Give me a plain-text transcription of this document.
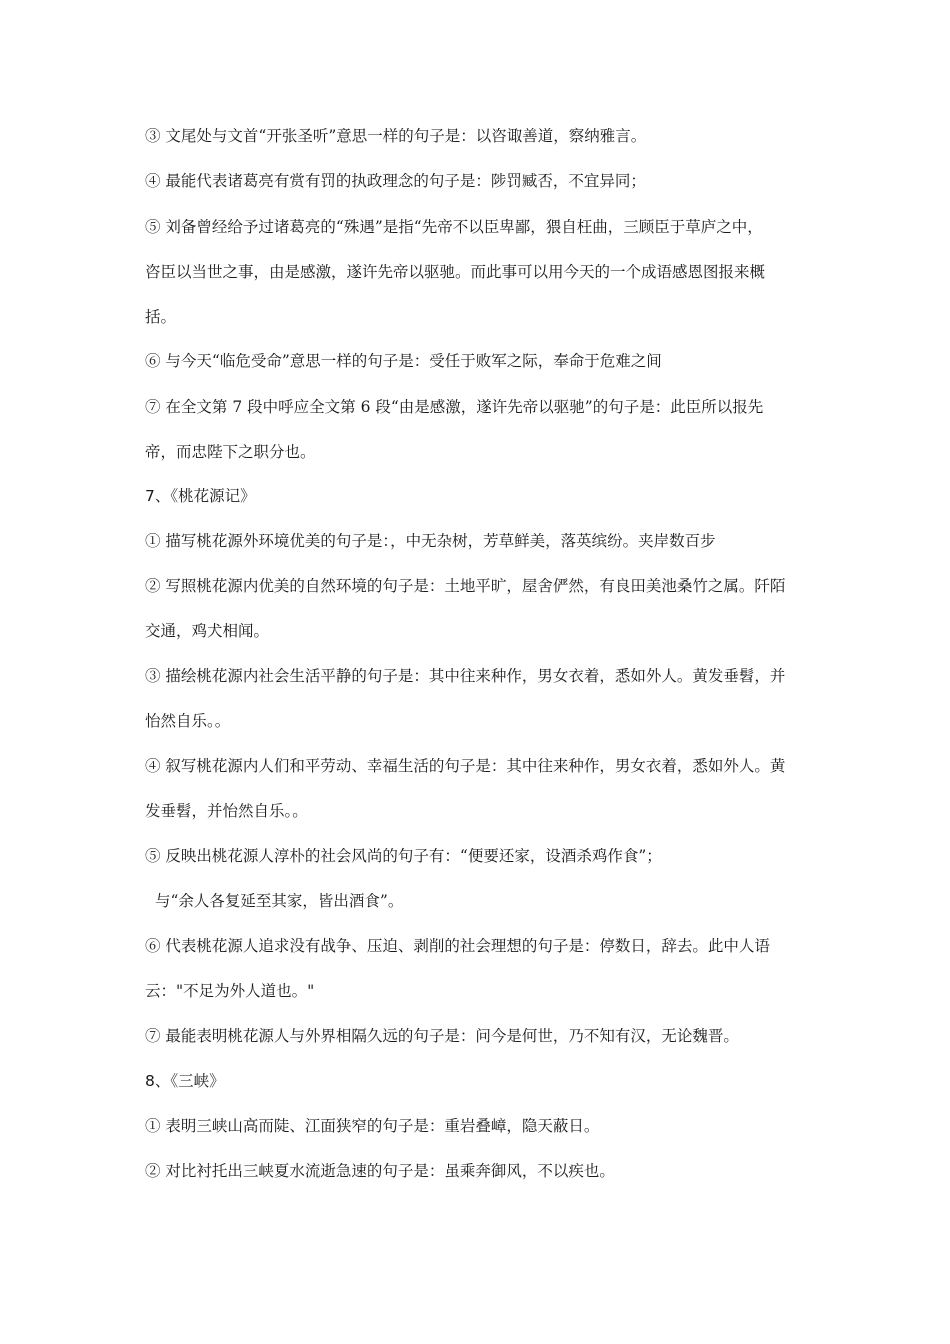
③ 文尾处与文首“开张圣听”意思一样的句子是：以咨诹善道，察纳雅言。
④ 最能代表诸葛亮有赏有罚的执政理念的句子是：陟罚臧否，不宜异同；
⑤ 刘备曾经给予过诸葛亮的“殊遇”是指“先帝不以臣卑鄙，猥自枉曲，三顾臣于草庐之中，
咨臣以当世之事，由是感激，遂许先帝以驱驰。而此事可以用今天的一个成语感恩图报来概
括。
⑥ 与今天“临危受命”意思一样的句子是：受任于败军之际，奉命于危难之间
⑦ 在全文第 7 段中呼应全文第 6 段“由是感激，遂许先帝以驱驰”的句子是：此臣所以报先
帝，而忠陛下之职分也。
7、《桃花源记》
① 描写桃花源外环境优美的句子是：，中无杂树，芳草鲜美，落英缤纷。夹岸数百步
② 写照桃花源内优美的自然环境的句子是：土地平旷，屋舍俨然，有良田美池桑竹之属。阡陌
交通，鸡犬相闻。
③ 描绘桃花源内社会生活平静的句子是：其中往来种作，男女衣着，悉如外人。黄发垂髫，并
怡然自乐。。
④ 叙写桃花源内人们和平劳动、幸福生活的句子是：其中往来种作，男女衣着，悉如外人。黄
发垂髫，并怡然自乐。。
⑤ 反映出桃花源人淳朴的社会风尚的句子有：“便要还家，设酒杀鸡作食”；
与“余人各复延至其家，皆出酒食”。
⑥ 代表桃花源人追求没有战争、压迫、剥削的社会理想的句子是：停数日，辞去。此中人语
云："不足为外人道也。"
⑦ 最能表明桃花源人与外界相隔久远的句子是：问今是何世，乃不知有汉，无论魏晋。
8、《三峡》
① 表明三峡山高而陡、江面狭窄的句子是：重岩叠嶂，隐天蔽日。
② 对比衬托出三峡夏水流逝急速的句子是：虽乘奔御风，不以疾也。
